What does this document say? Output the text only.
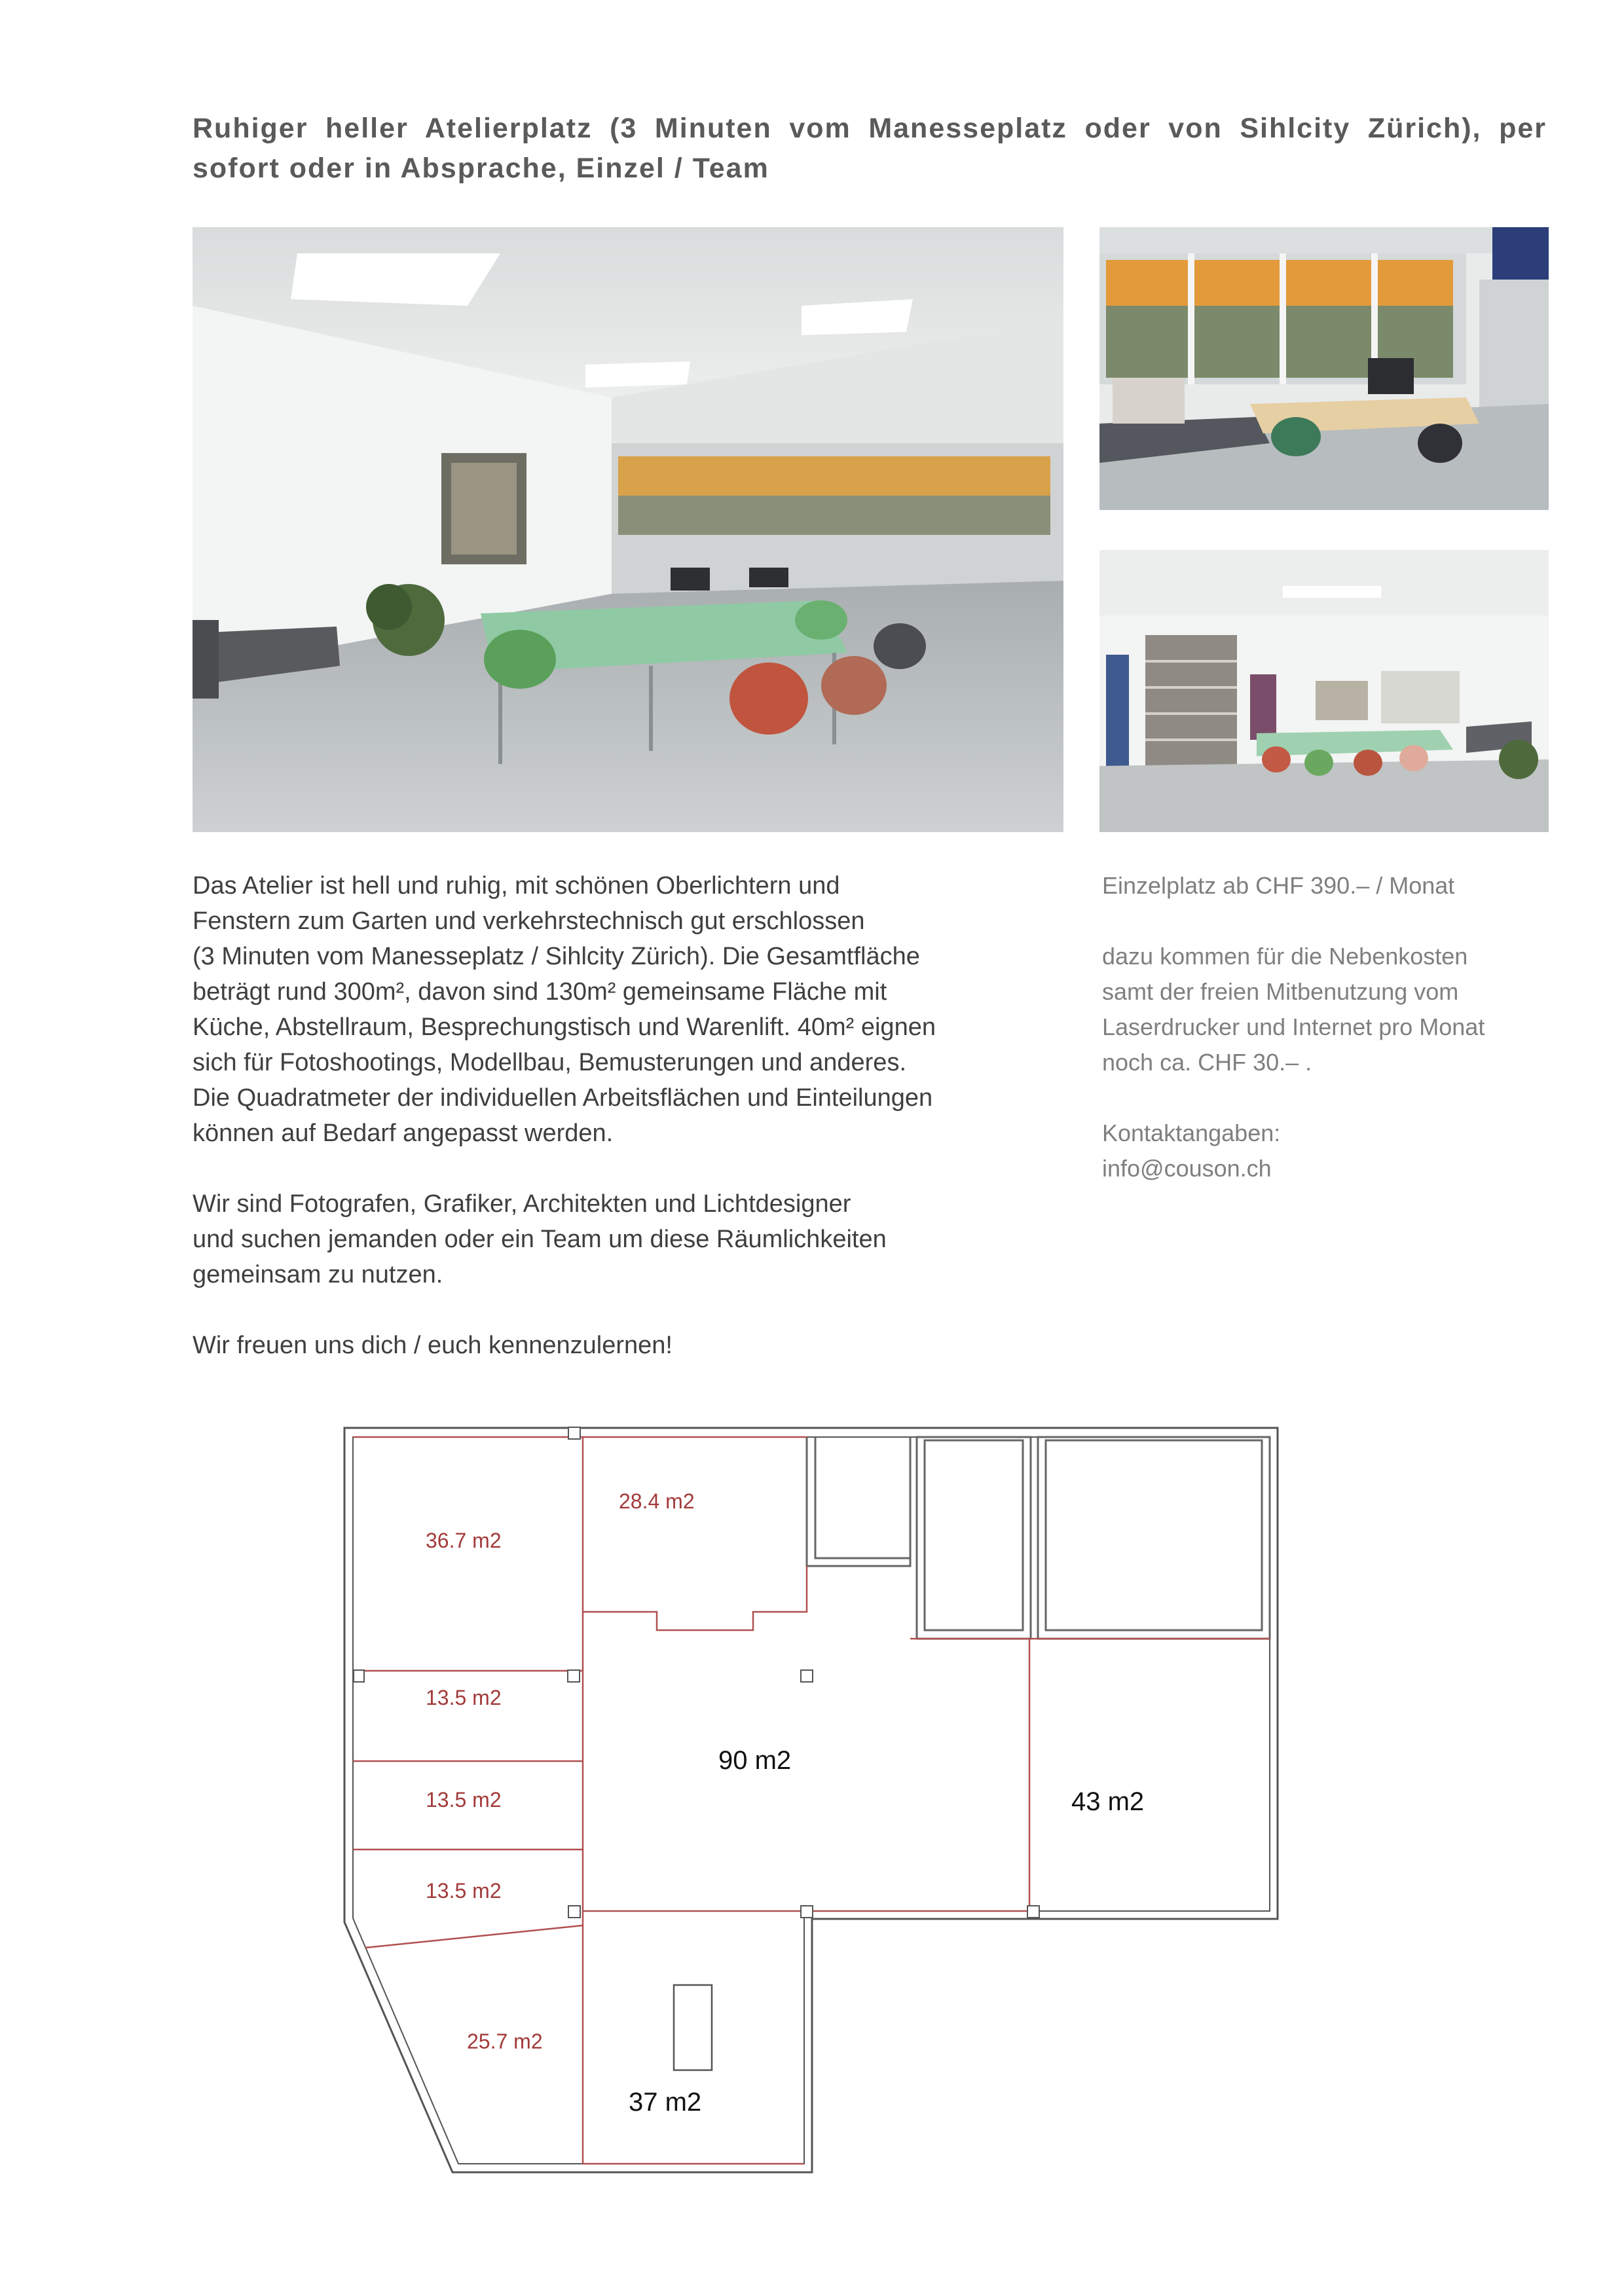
Ruhiger heller Atelierplatz (3 Minuten vom Manesseplatz oder von Sihlcity Zürich), per sofort oder in Absprache, Einzel / Team

Das Atelier ist hell und ruhig, mit schönen Oberlichtern und
Fenstern zum Garten und verkehrstechnisch gut erschlossen
(3 Minuten vom Manesseplatz / Sihlcity Zürich). Die Gesamtfläche
beträgt rund 300m², davon sind 130m² gemeinsame Fläche mit
Küche, Abstellraum, Besprechungstisch und Warenlift. 40m² eignen
sich für Fotoshootings, Modellbau, Bemusterungen und anderes.
Die Quadratmeter der individuellen Arbeitsflächen und Einteilungen
können auf Bedarf angepasst werden.

Wir sind Fotografen, Grafiker, Architekten und Lichtdesigner
und suchen jemanden oder ein Team um diese Räumlichkeiten
gemeinsam zu nutzen.

Wir freuen uns dich / euch kennenzulernen!

Einzelplatz ab CHF 390.– / Monat

dazu kommen für die Nebenkosten
samt der freien Mitbenutzung vom
Laserdrucker und Internet pro Monat
noch ca. CHF 30.– .

Kontaktangaben:

info@couson.ch

36.7 m2
28.4 m2
13.5 m2
13.5 m2
13.5 m2
25.7 m2
90 m2
43 m2
37 m2
